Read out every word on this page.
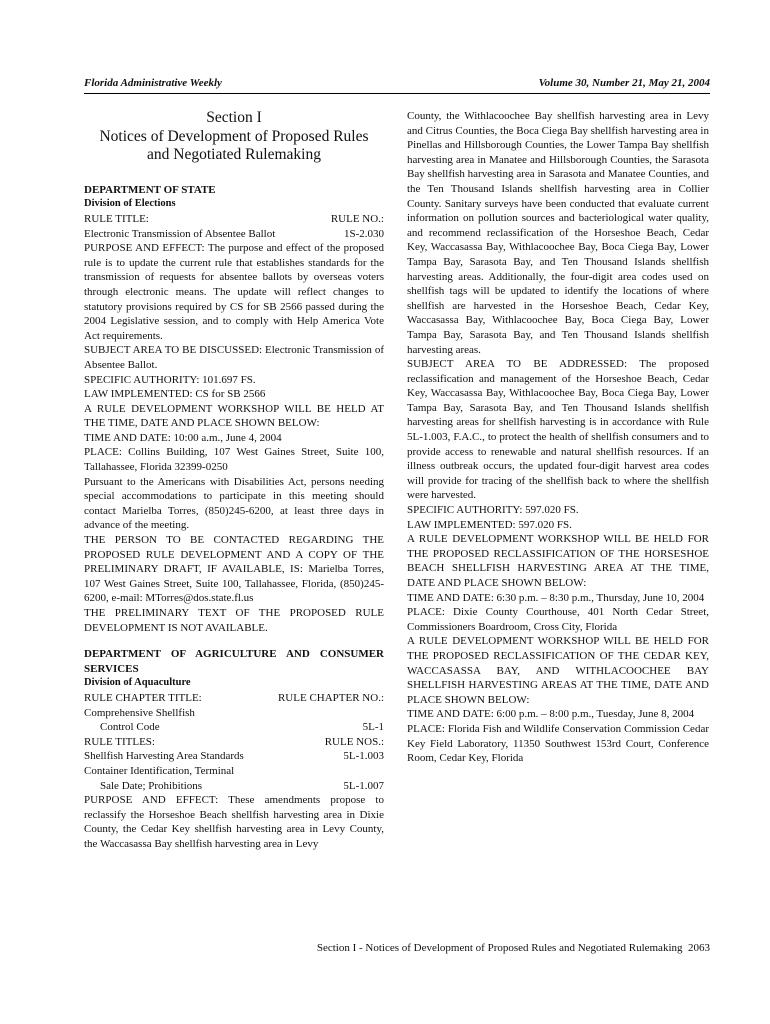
Florida Administrative Weekly	Volume 30, Number 21, May 21, 2004
Section I
Notices of Development of Proposed Rules
and Negotiated Rulemaking
DEPARTMENT OF STATE
Division of Elections
RULE TITLE:	RULE NO.:
Electronic Transmission of Absentee Ballot	1S-2.030

PURPOSE AND EFFECT: The purpose and effect of the proposed rule is to update the current rule that establishes standards for the transmission of requests for absentee ballots by overseas voters through electronic means. The update will reflect changes to statutory provisions required by CS for SB 2566 passed during the 2004 Legislative session, and to comply with Help America Vote Act requirements.

SUBJECT AREA TO BE DISCUSSED: Electronic Transmission of Absentee Ballot.

SPECIFIC AUTHORITY: 101.697 FS.

LAW IMPLEMENTED: CS for SB 2566

A RULE DEVELOPMENT WORKSHOP WILL BE HELD AT THE TIME, DATE AND PLACE SHOWN BELOW:

TIME AND DATE: 10:00 a.m., June 4, 2004

PLACE: Collins Building, 107 West Gaines Street, Suite 100, Tallahassee, Florida 32399-0250

Pursuant to the Americans with Disabilities Act, persons needing special accommodations to participate in this meeting should contact Marielba Torres, (850)245-6200, at least three days in advance of the meeting.

THE PERSON TO BE CONTACTED REGARDING THE PROPOSED RULE DEVELOPMENT AND A COPY OF THE PRELIMINARY DRAFT, IF AVAILABLE, IS: Marielba Torres, 107 West Gaines Street, Suite 100, Tallahassee, Florida, (850)245-6200, e-mail: MTorres@dos.state.fl.us

THE PRELIMINARY TEXT OF THE PROPOSED RULE DEVELOPMENT IS NOT AVAILABLE.

DEPARTMENT OF AGRICULTURE AND CONSUMER SERVICES
Division of Aquaculture
RULE CHAPTER TITLE:	RULE CHAPTER NO.:
Comprehensive Shellfish
Control Code	5L-1
RULE TITLES:	RULE NOS.:
Shellfish Harvesting Area Standards	5L-1.003
Container Identification, Terminal
Sale Date; Prohibitions	5L-1.007

PURPOSE AND EFFECT: These amendments propose to reclassify the Horseshoe Beach shellfish harvesting area in Dixie County, the Cedar Key shellfish harvesting area in Levy County, the Waccasassa Bay shellfish harvesting area in Levy

County, the Withlacoochee Bay shellfish harvesting area in Levy and Citrus Counties, the Boca Ciega Bay shellfish harvesting area in Pinellas and Hillsborough Counties, the Lower Tampa Bay shellfish harvesting area in Manatee and Hillsborough Counties, the Sarasota Bay shellfish harvesting area in Sarasota and Manatee Counties, and the Ten Thousand Islands shellfish harvesting area in Collier County. Sanitary surveys have been conducted that evaluate current information on pollution sources and bacteriological water quality, and recommend reclassification of the Horseshoe Beach, Cedar Key, Waccasassa Bay, Withlacoochee Bay, Boca Ciega Bay, Lower Tampa Bay, Sarasota Bay, and Ten Thousand Islands shellfish harvesting areas. Additionally, the four-digit area codes used on shellfish tags will be updated to identify the locations of where shellfish are harvested in the Horseshoe Beach, Cedar Key, Waccasassa Bay, Withlacoochee Bay, Boca Ciega Bay, Lower Tampa Bay, Sarasota Bay, and Ten Thousand Islands shellfish harvesting areas.

SUBJECT AREA TO BE ADDRESSED: The proposed reclassification and management of the Horseshoe Beach, Cedar Key, Waccasassa Bay, Withlacoochee Bay, Boca Ciega Bay, Lower Tampa Bay, Sarasota Bay, and Ten Thousand Islands shellfish harvesting areas for shellfish harvesting is in accordance with Rule 5L-1.003, F.A.C., to protect the health of shellfish consumers and to provide access to renewable and natural shellfish resources. If an illness outbreak occurs, the updated four-digit harvest area codes will provide for tracing of the shellfish back to where the shellfish were harvested.

SPECIFIC AUTHORITY: 597.020 FS.

LAW IMPLEMENTED: 597.020 FS.

A RULE DEVELOPMENT WORKSHOP WILL BE HELD FOR THE PROPOSED RECLASSIFICATION OF THE HORSESHOE BEACH SHELLFISH HARVESTING AREA AT THE TIME, DATE AND PLACE SHOWN BELOW:

TIME AND DATE: 6:30 p.m. – 8:30 p.m., Thursday, June 10, 2004

PLACE: Dixie County Courthouse, 401 North Cedar Street, Commissioners Boardroom, Cross City, Florida

A RULE DEVELOPMENT WORKSHOP WILL BE HELD FOR THE PROPOSED RECLASSIFICATION OF THE CEDAR KEY, WACCASASSA BAY, AND WITHLACOOCHEE BAY SHELLFISH HARVESTING AREAS AT THE TIME, DATE AND PLACE SHOWN BELOW:

TIME AND DATE: 6:00 p.m. – 8:00 p.m., Tuesday, June 8, 2004

PLACE: Florida Fish and Wildlife Conservation Commission Cedar Key Field Laboratory, 11350 Southwest 153rd Court, Conference Room, Cedar Key, Florida

Section I - Notices of Development of Proposed Rules and Negotiated Rulemaking 2063
